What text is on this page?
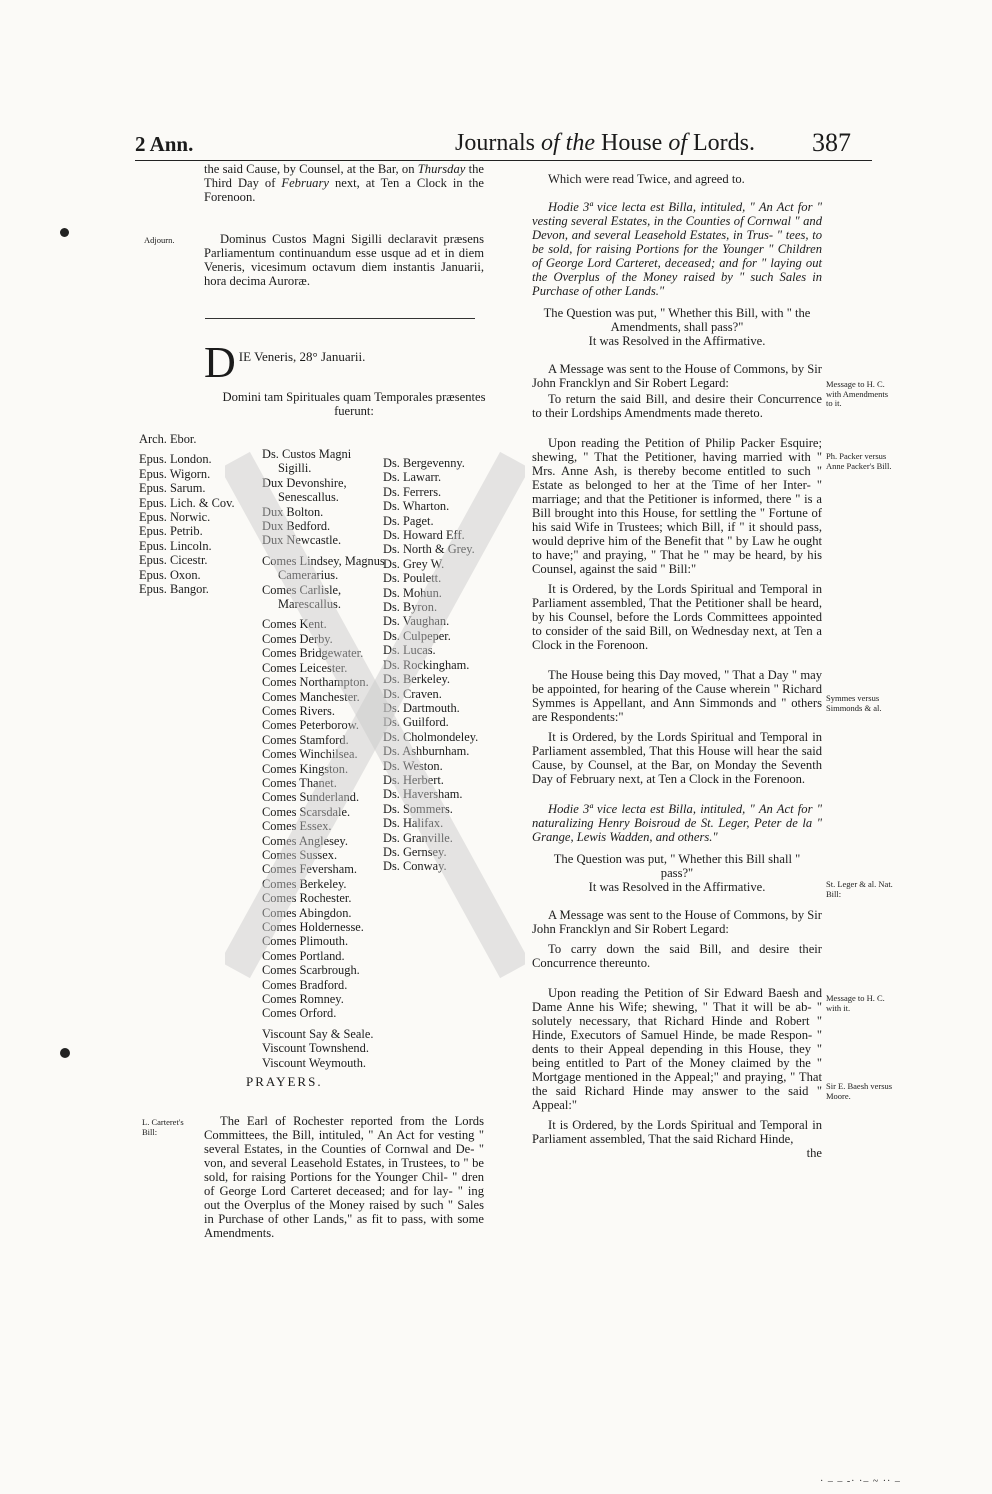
2 Ann.	Journals of the House of Lords. 387

the said Cause, by Counsel, at the Bar, on Thursday the Third Day of February next, at Ten a Clock in the Forenoon.

Adjourn.	Dominus Custos Magni Sigilli declaravit præsens Parliamentum continuandum esse usque ad et in diem Veneris, vicesimum octavum diem instantis Januarii, hora decima Auroræ.

D IE Veneris, 28° Januarii.

Domini tam Spirituales quam Temporales præsentes fuerunt:

Arch. Ebor.
Epus. London.
Epus. Wigorn.
Epus. Sarum.
Epus. Lich. & Cov.
Epus. Norwic.
Epus. Petrib.
Epus. Lincoln.
Epus. Cicestr.
Epus. Oxon.
Epus. Bangor.
Ds. Custos Magni Sigilli.
Dux Devonshire, Senescallus.
Dux Bolton.
Dux Bedford.
Dux Newcastle.
Comes Lindsey, Magnus Camerarius.
Comes Carlisle, Marescallus.
Comes Kent.
Comes Derby.
Comes Bridgewater.
Comes Leicester.
Comes Northampton.
Comes Manchester.
Comes Rivers.
Comes Peterborow.
Comes Stamford.
Comes Winchilsea.
Comes Kingston.
Comes Thanet.
Comes Sunderland.
Comes Scarsdale.
Comes Essex.
Comes Anglesey.
Comes Sussex.
Comes Feversham.
Comes Berkeley.
Comes Rochester.
Comes Abingdon.
Comes Holdernesse.
Comes Plimouth.
Comes Portland.
Comes Scarbrough.
Comes Bradford.
Comes Romney.
Comes Orford.
Viscount Say & Seale.
Viscount Townshend.
Viscount Weymouth.
Ds. Bergevenny.
Ds. Lawarr.
Ds. Ferrers.
Ds. Wharton.
Ds. Paget.
Ds. Howard Eff.
Ds. North & Grey.
Ds. Grey W.
Ds. Poulett.
Ds. Mohun.
Ds. Byron.
Ds. Vaughan.
Ds. Culpeper.
Ds. Lucas.
Ds. Rockingham.
Ds. Berkeley.
Ds. Craven.
Ds. Dartmouth.
Ds. Guilford.
Ds. Cholmondeley.
Ds. Ashburnham.
Ds. Weston.
Ds. Herbert.
Ds. Haversham.
Ds. Sommers.
Ds. Halifax.
Ds. Granville.
Ds. Gernsey.
Ds. Conway.
PRAYERS.
L. Carteret's Bill:

The Earl of Rochester reported from the Lords Committees, the Bill, intituled, " An Act for vesting " several Estates, in the Counties of Cornwal and De- " von, and several Leasehold Estates, in Trustees, to " be sold, for raising Portions for the Younger Chil- " dren of George Lord Carteret deceased; and for lay- " ing out the Overplus of the Money raised by such " Sales in Purchase of other Lands," as fit to pass, with some Amendments.

Which were read Twice, and agreed to.

Hodie 3ª vice lecta est Billa, intituled, " An Act for " vesting several Estates, in the Counties of Cornwal " and Devon, and several Leasehold Estates, in Trus- " tees, to be sold, for raising Portions for the Younger " Children of George Lord Carteret, deceased; and for " laying out the Overplus of the Money raised by " such Sales in Purchase of other Lands."

The Question was put, " Whether this Bill, with " the Amendments, shall pass?"

It was Resolved in the Affirmative.

A Message was sent to the House of Commons, by Sir John Francklyn and Sir Robert Legard:

To return the said Bill, and desire their Concurrence to their Lordships Amendments made thereto.

Upon reading the Petition of Philip Packer Esquire; shewing, " That the Petitioner, having married with " Mrs. Anne Ash, is thereby become entitled to such " Estate as belonged to her at the Time of her Inter- " marriage; and that the Petitioner is informed, there " is a Bill brought into this House, for settling the " Fortune of his said Wife in Trustees; which Bill, if " it should pass, would deprive him of the Benefit that " by Law he ought to have;" and praying, " That he " may be heard, by his Counsel, against the said " Bill:"

It is Ordered, by the Lords Spiritual and Temporal in Parliament assembled, That the Petitioner shall be heard, by his Counsel, before the Lords Committees appointed to consider of the said Bill, on Wednesday next, at Ten a Clock in the Forenoon.

The House being this Day moved, " That a Day " may be appointed, for hearing of the Cause wherein " Richard Symmes is Appellant, and Ann Simmonds and " others are Respondents:"

It is Ordered, by the Lords Spiritual and Temporal in Parliament assembled, That this House will hear the said Cause, by Counsel, at the Bar, on Monday the Seventh Day of February next, at Ten a Clock in the Forenoon.

Hodie 3ª vice lecta est Billa, intituled, " An Act for " naturalizing Henry Boisroud de St. Leger, Peter de la " Grange, Lewis Wadden, and others."

The Question was put, " Whether this Bill shall " pass?"

It was Resolved in the Affirmative.

A Message was sent to the House of Commons, by Sir John Francklyn and Sir Robert Legard:

To carry down the said Bill, and desire their Concurrence thereunto.

Upon reading the Petition of Sir Edward Baesh and Dame Anne his Wife; shewing, " That it will be ab- " solutely necessary, that Richard Hinde and Robert " Hinde, Executors of Samuel Hinde, be made Respon- " dents to their Appeal depending in this House, they " being entitled to Part of the Money claimed by the " Mortgage mentioned in the Appeal;" and praying, " That the said Richard Hinde may answer to the said " Appeal:"

It is Ordered, by the Lords Spiritual and Temporal in Parliament assembled, That the said Richard Hinde,

the

Message to H. C. with Amendments to it.
Ph. Packer versus Anne Packer's Bill.
Symmes versus Simmonds & al.
St. Leger & al. Nat. Bill:
Message to H. C. with it.
Sir E. Baesh versus Moore.
· – – -· ·– ~ ·· –
